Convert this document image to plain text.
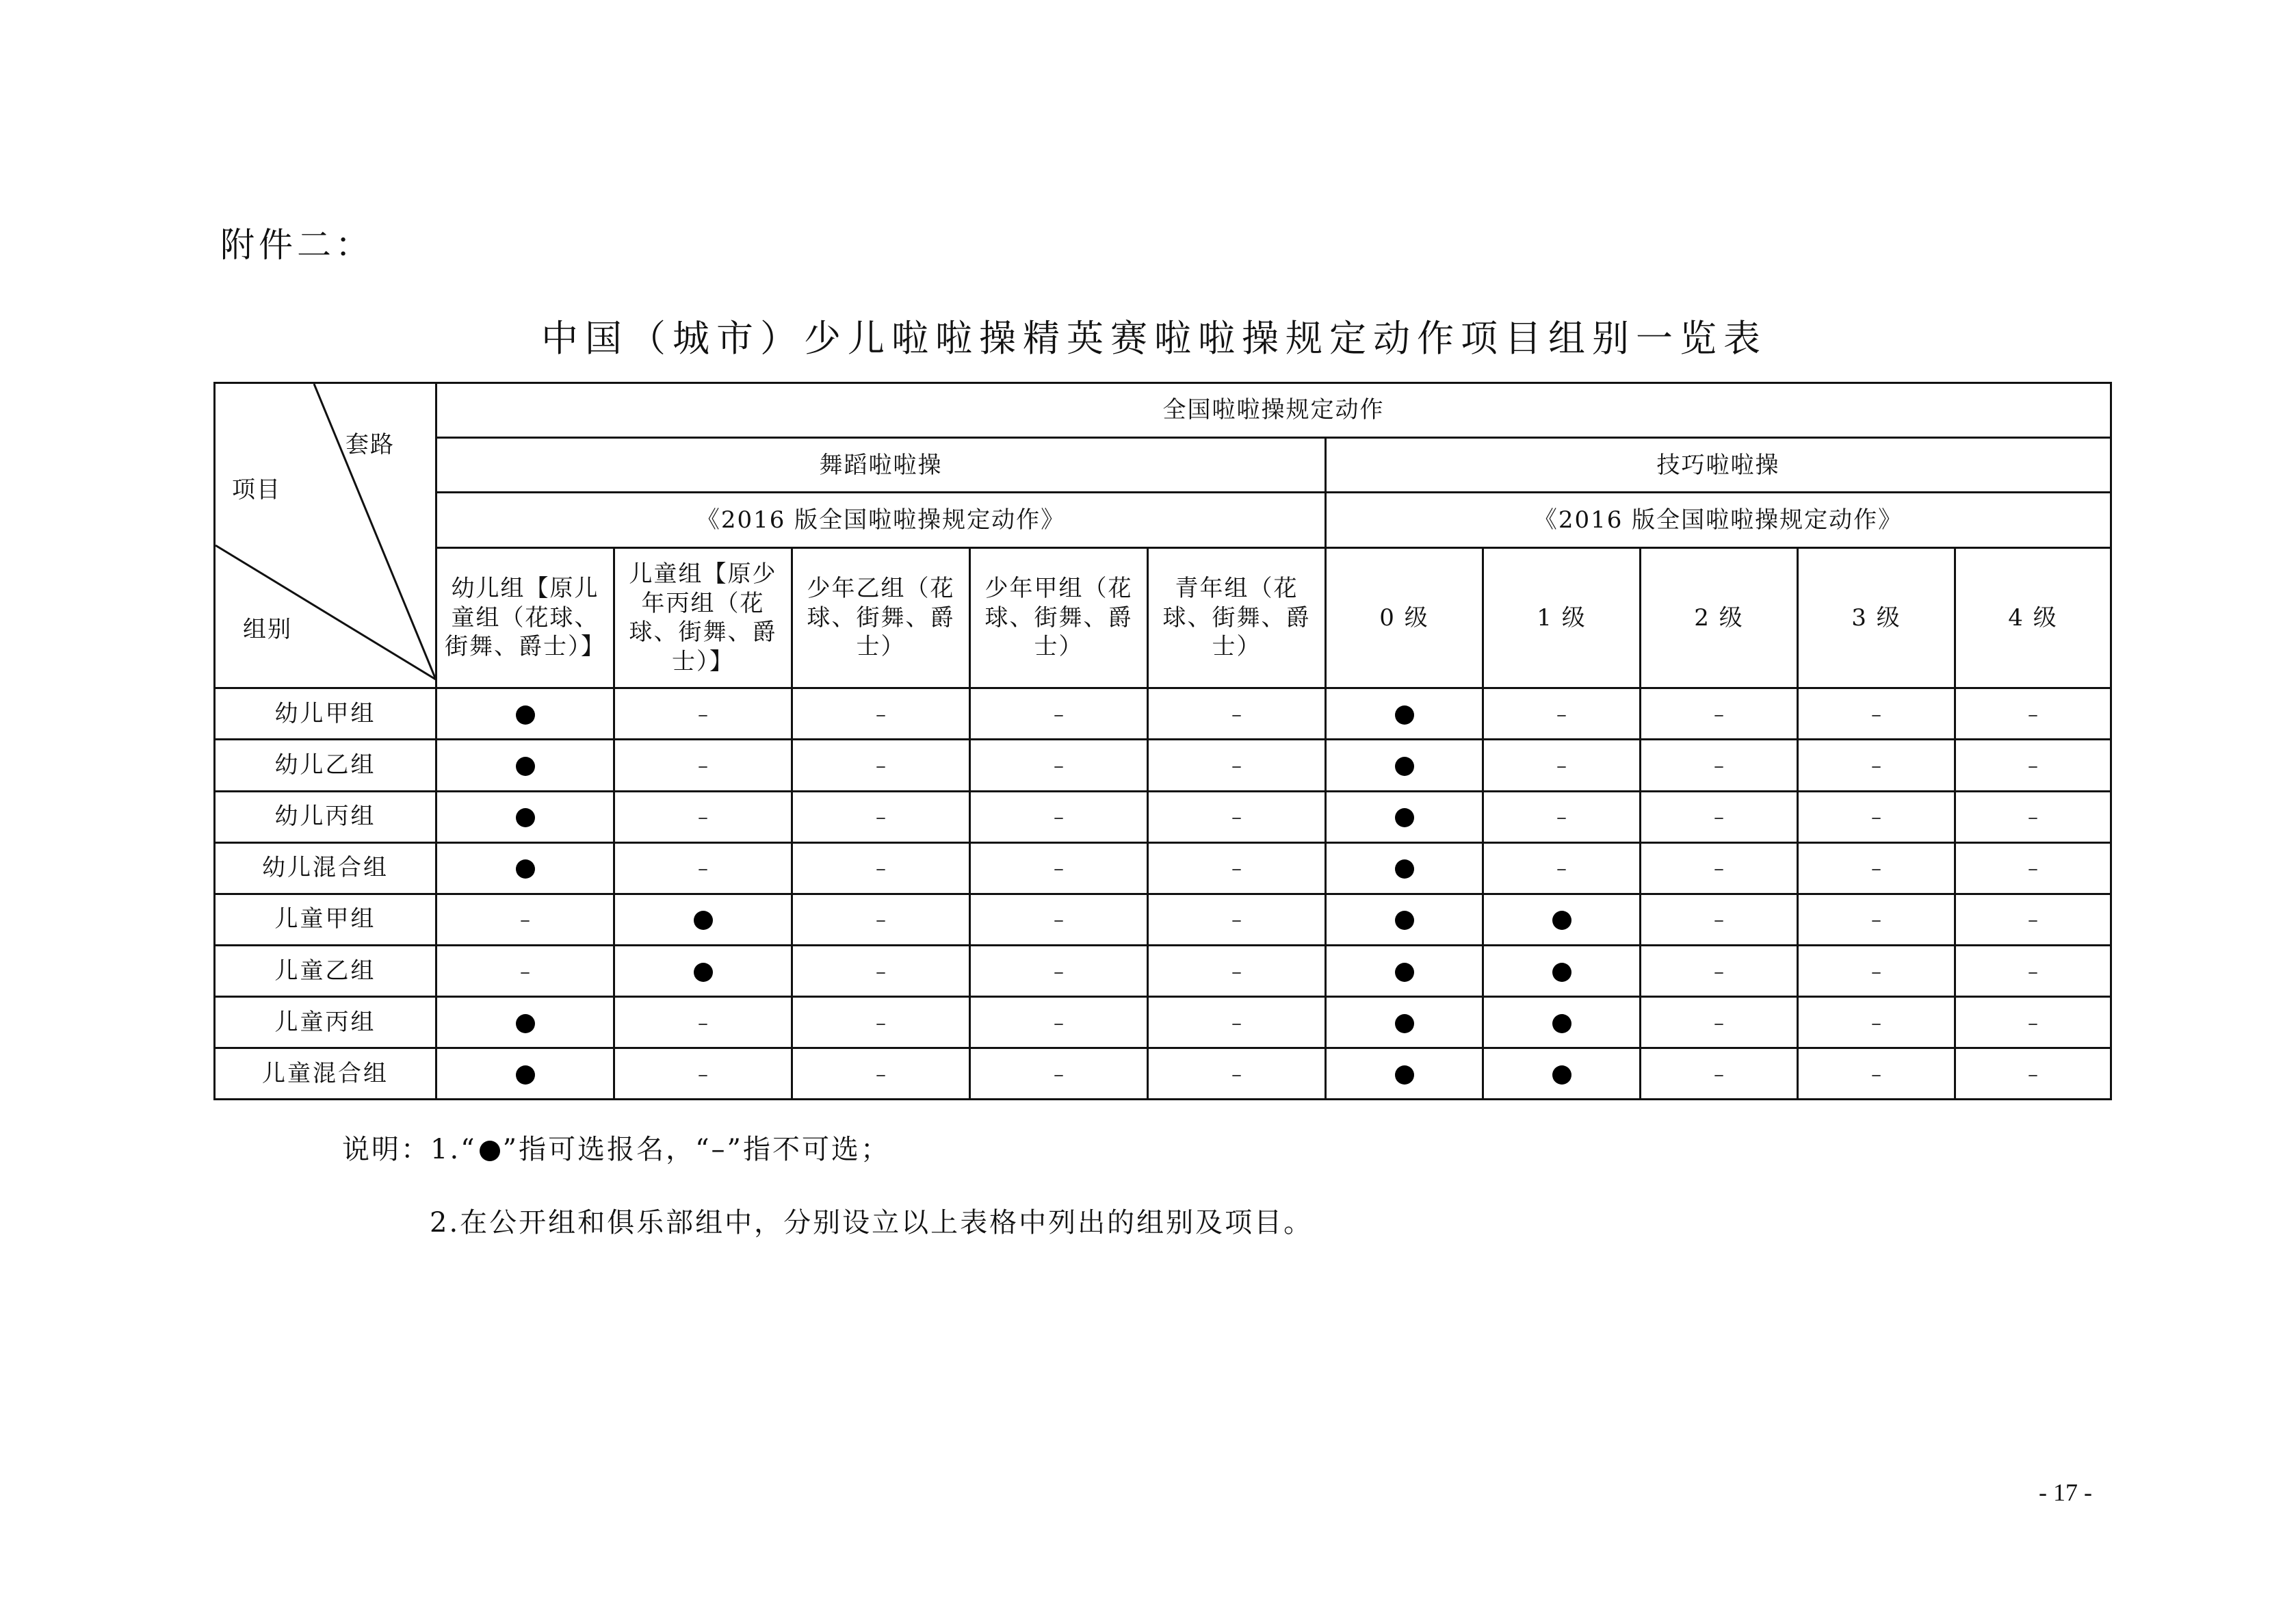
附件二：
中国（城市）少儿啦啦操精英赛啦啦操规定动作项目组别一览表
套路
项目
组别	全国啦啦操规定动作									
	舞蹈啦啦操					技巧啦啦操				
	《2016 版全国啦啦操规定动作》					《2016 版全国啦啦操规定动作》				
	幼儿组【原儿童组（花球、街舞、爵士）】	儿童组【原少年丙组（花球、街舞、爵士）】	少年乙组（花球、街舞、爵士）	少年甲组（花球、街舞、爵士）	青年组（花球、街舞、爵士）	0 级	1 级	2 级	3 级	4 级
幼儿甲组		–	–	–	–		–	–	–	–
幼儿乙组		–	–	–	–		–	–	–	–
幼儿丙组		–	–	–	–		–	–	–	–
幼儿混合组		–	–	–	–		–	–	–	–
儿童甲组	–		–	–	–			–	–	–
儿童乙组	–		–	–	–			–	–	–
儿童丙组		–	–	–	–			–	–	–
儿童混合组		–	–	–	–			–	–	–
说明：1.“ ”指可选报名，“–”指不可选；
2.在公开组和俱乐部组中，分别设立以上表格中列出的组别及项目。
- 17 -
